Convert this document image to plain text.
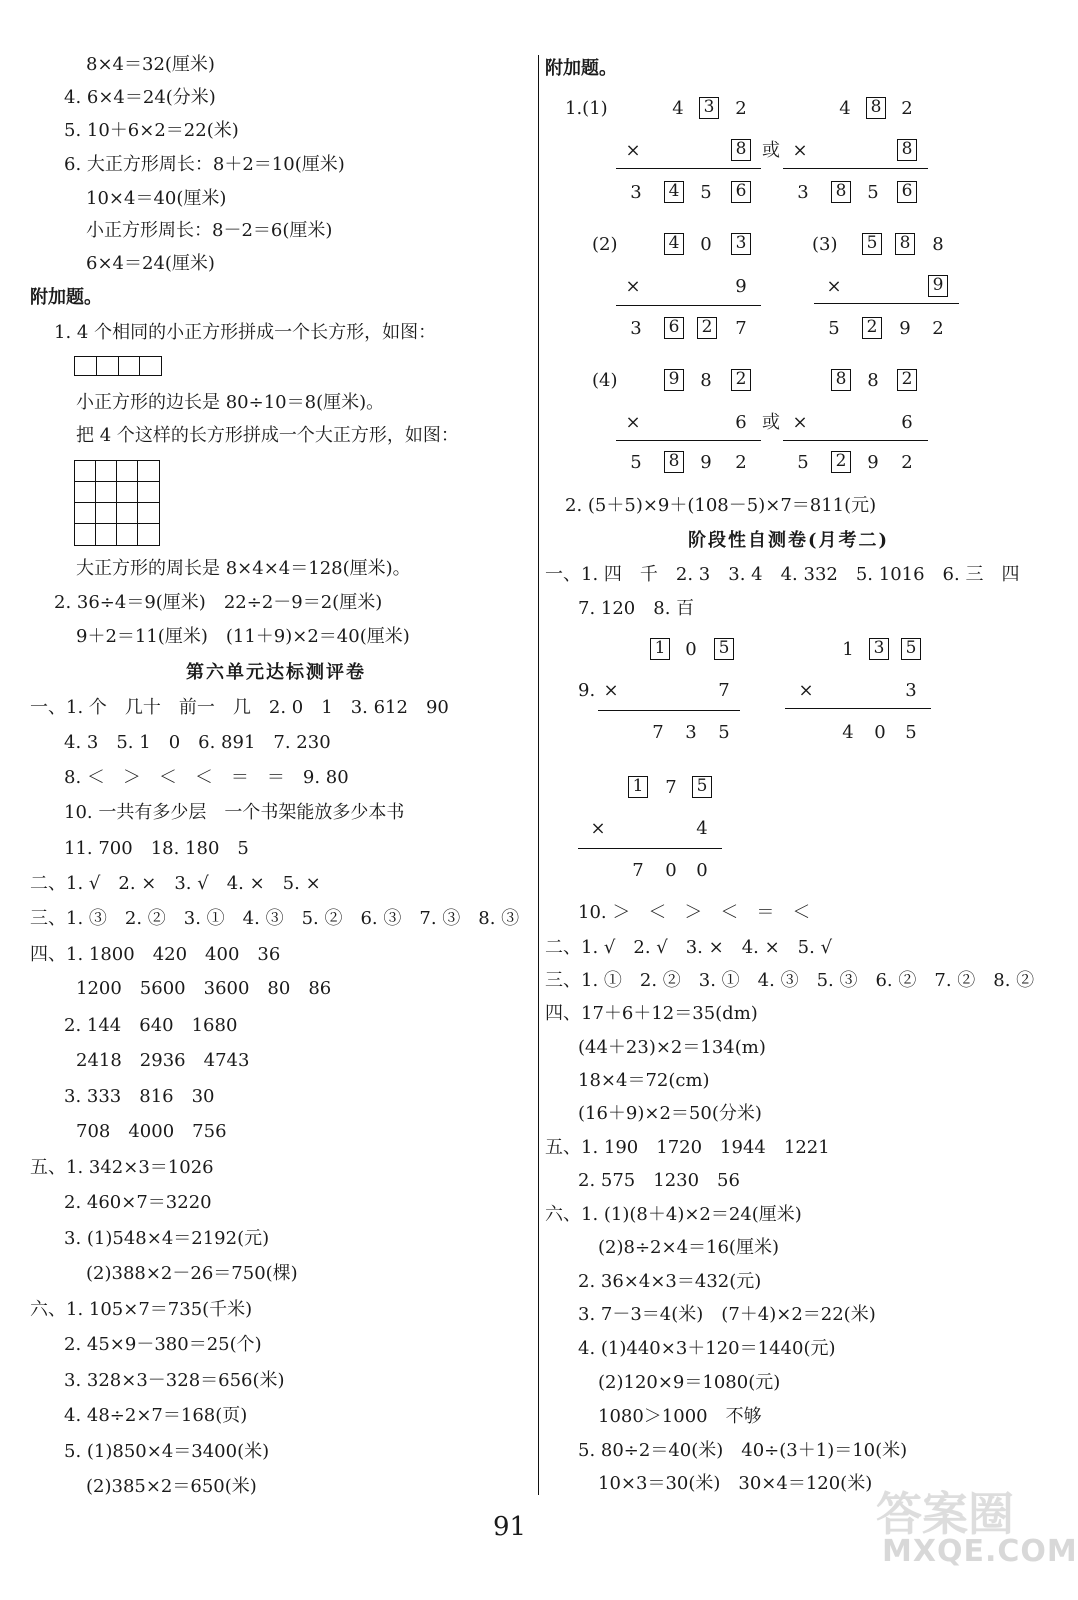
8×4＝32(厘米)
4. 6×4＝24(分米)
5. 10＋6×2＝22(米)
6. 大正方形周长：8＋2＝10(厘米)
10×4＝40(厘米)
小正方形周长：8－2＝6(厘米)
6×4＝24(厘米)
附加题。
1. 4 个相同的小正方形拼成一个长方形，如图：
小正方形的边长是 80÷10＝8(厘米)。
把 4 个这样的长方形拼成一个大正方形，如图：
大正方形的周长是 8×4×4＝128(厘米)。
2. 36÷4＝9(厘米)　22÷2－9＝2(厘米)
9＋2＝11(厘米)　(11＋9)×2＝40(厘米)
第六单元达标测评卷
一、1. 个　几十　前一　几　2. 0　1　3. 612　90
4. 3　5. 1　0　6. 891　7. 230
8. ＜　＞　＜　＜　＝　＝　9. 80
10. 一共有多少层　一个书架能放多少本书
11. 700　18. 180　5
二、1. √　2. ×　3. √　4. ×　5. ×
三、1. ③　2. ②　3. ①　4. ③　5. ②　6. ③　7. ③　8. ③
四、1. 1800　420　400　36
1200　5600　3600　80　86
2. 144　640　1680
2418　2936　4743
3. 333　816　30
708　4000　756
五、1. 342×3＝1026
2. 460×7＝3220
3. (1)548×4＝2192(元)
(2)388×2－26＝750(棵)
六、1. 105×7＝735(千米)
2. 45×9－380＝25(个)
3. 328×3－328＝656(米)
4. 48÷2×7＝168(页)
5. (1)850×4＝3400(米)
(2)385×2＝650(米)
附加题。
1.(1)	4 3 2
×	8 或
3 4 5 6
4 8 2
×	8
3 8 5 6
(2)	4 0 3
×	9
3 6 2 7
(3) 5 8 8
×	9
5 2 9 2
(4)	9 8 2
×	6 或
5 8 9 2
8 8 2
×	6
5 2 9 2
2. (5＋5)×9＋(108－5)×7＝811(元)
阶段性自测卷(月考二)
一、1. 四　千　2. 3　3. 4　4. 332　5. 1016　6. 三　四
7. 120　8. 百
1 0 5
9. ×	7
7 3 5
1 3 5
×	3
4 0 5
1 7 5
×	4
7 0 0
10. ＞　＜　＞　＜　＝　＜
二、1. √　2. √　3. ×　4. ×　5. √
三、1. ①　2. ②　3. ①　4. ③　5. ③　6. ②　7. ②　8. ②
四、17＋6＋12＝35(dm)
(44＋23)×2＝134(m)
18×4＝72(cm)
(16＋9)×2＝50(分米)
五、1. 190　1720　1944　1221
2. 575　1230　56
六、1. (1)(8＋4)×2＝24(厘米)
(2)8÷2×4＝16(厘米)
2. 36×4×3＝432(元)
3. 7－3＝4(米)　(7＋4)×2＝22(米)
4. (1)440×3＋120＝1440(元)
(2)120×9＝1080(元)
1080＞1000　不够
5. 80÷2＝40(米)　40÷(3＋1)＝10(米)
10×3＝30(米)　30×4＝120(米)
91	答案圈
MXQE.COM
